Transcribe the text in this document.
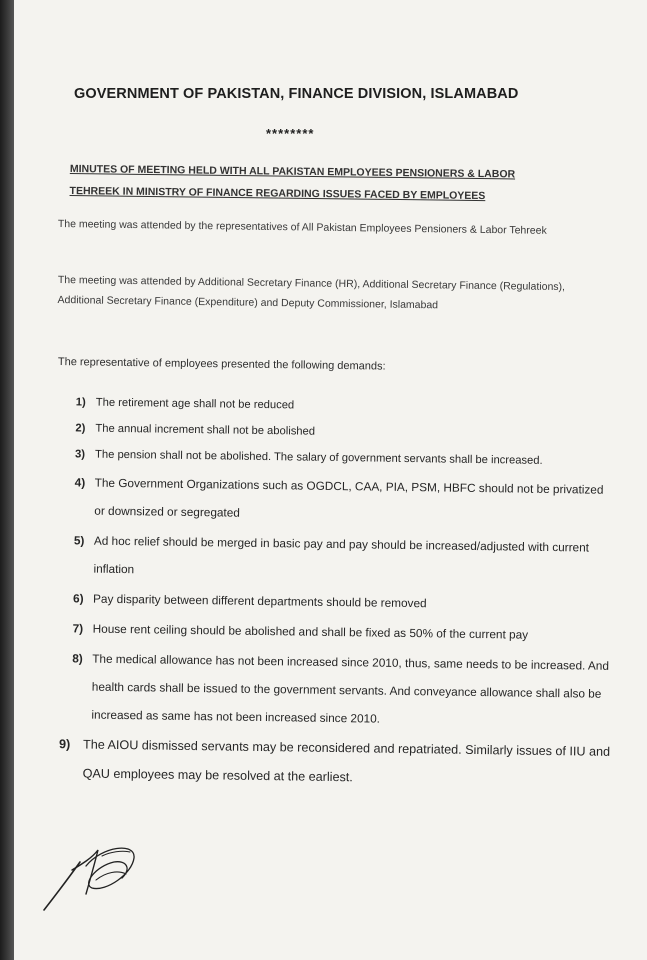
GOVERNMENT OF PAKISTAN, FINANCE DIVISION, ISLAMABAD
********
MINUTES OF MEETING HELD WITH ALL PAKISTAN EMPLOYEES PENSIONERS & LABOR
TEHREEK IN MINISTRY OF FINANCE REGARDING ISSUES FACED BY EMPLOYEES
The meeting was attended by the representatives of All Pakistan Employees Pensioners & Labor Tehreek
The meeting was attended by Additional Secretary Finance (HR), Additional Secretary Finance (Regulations), Additional Secretary Finance (Expenditure) and Deputy Commissioner, Islamabad
The representative of employees presented the following demands:
1) The retirement age shall not be reduced
2) The annual increment shall not be abolished
3) The pension shall not be abolished. The salary of government servants shall be increased.
4) The Government Organizations such as OGDCL, CAA, PIA, PSM, HBFC should not be privatized or downsized or segregated
5) Ad hoc relief should be merged in basic pay and pay should be increased/adjusted with current inflation
6) Pay disparity between different departments should be removed
7) House rent ceiling should be abolished and shall be fixed as 50% of the current pay
8) The medical allowance has not been increased since 2010, thus, same needs to be increased. And health cards shall be issued to the government servants. And conveyance allowance shall also be increased as same has not been increased since 2010.
9) The AIOU dismissed servants may be reconsidered and repatriated. Similarly issues of IIU and QAU employees may be resolved at the earliest.
